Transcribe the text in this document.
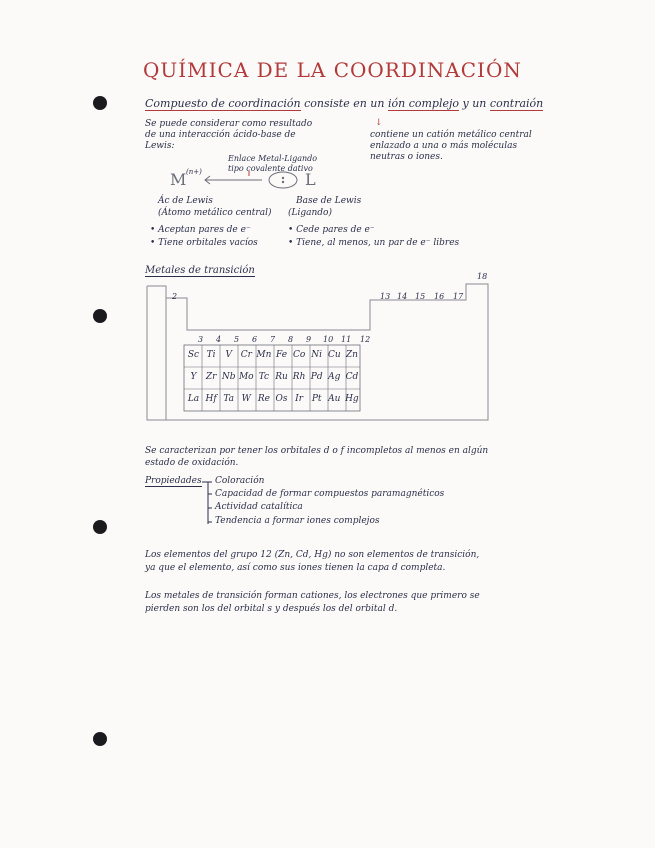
QUÍMICA DE LA COORDINACIÓN
Compuesto de coordinación consiste en un ión complejo y un contraión
Se puede considerar como resultado
de una interacción ácido-base de
Lewis:
↓
contiene un catión metálico central
enlazado a una o más moléculas
neutras o iones.
Enlace Metal-Ligando
tipo covalente dativo
M (n+)	L
Ác de Lewis
(Átomo metálico central)
Base de Lewis
(Ligando)
• Aceptan pares de e⁻
• Tiene orbitales vacíos
• Cede pares de e⁻
• Tiene, al menos, un par de e⁻ libres
Metales de transición
2
18
13 14 15 16 17
3 4 5 6 7 8 9 10 11 12
Sc Ti	V Cr Mn Fe Co Ni Cu Zn
Y	Zr Nb Mo Tc Ru Rh Pd Ag Cd
La Hf Ta W Re Os Ir Pt Au Hg
Se caracterizan por tener los orbitales d o f incompletos al menos en algún
estado de oxidación.
Propiedades Coloración
Capacidad de formar compuestos paramagnéticos
Actividad catalítica
Tendencia a formar iones complejos
Los elementos del grupo 12 (Zn, Cd, Hg) no son elementos de transición,
ya que el elemento, así como sus iones tienen la capa d completa.
Los metales de transición forman cationes, los electrones que primero se
pierden son los del orbital s y después los del orbital d.
